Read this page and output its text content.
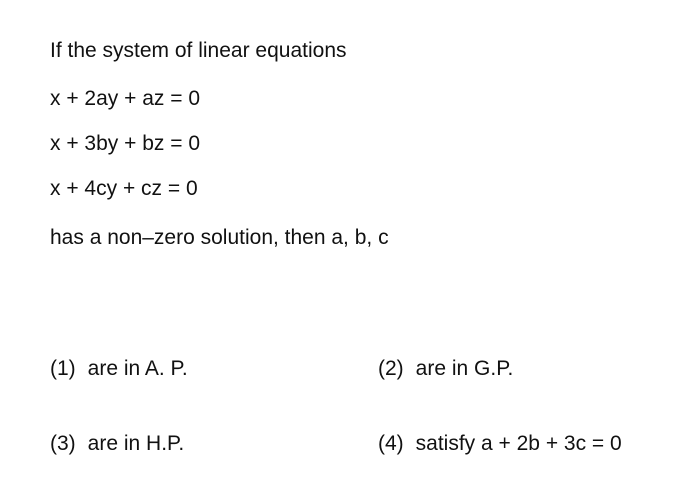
If the system of linear equations
x + 2ay + az = 0
x + 3by + bz = 0
x + 4cy + cz = 0
has a non–zero solution, then a, b, c
(1) are in A. P.	(2) are in G.P.
(3) are in H.P.	(4) satisfy a + 2b + 3c = 0
